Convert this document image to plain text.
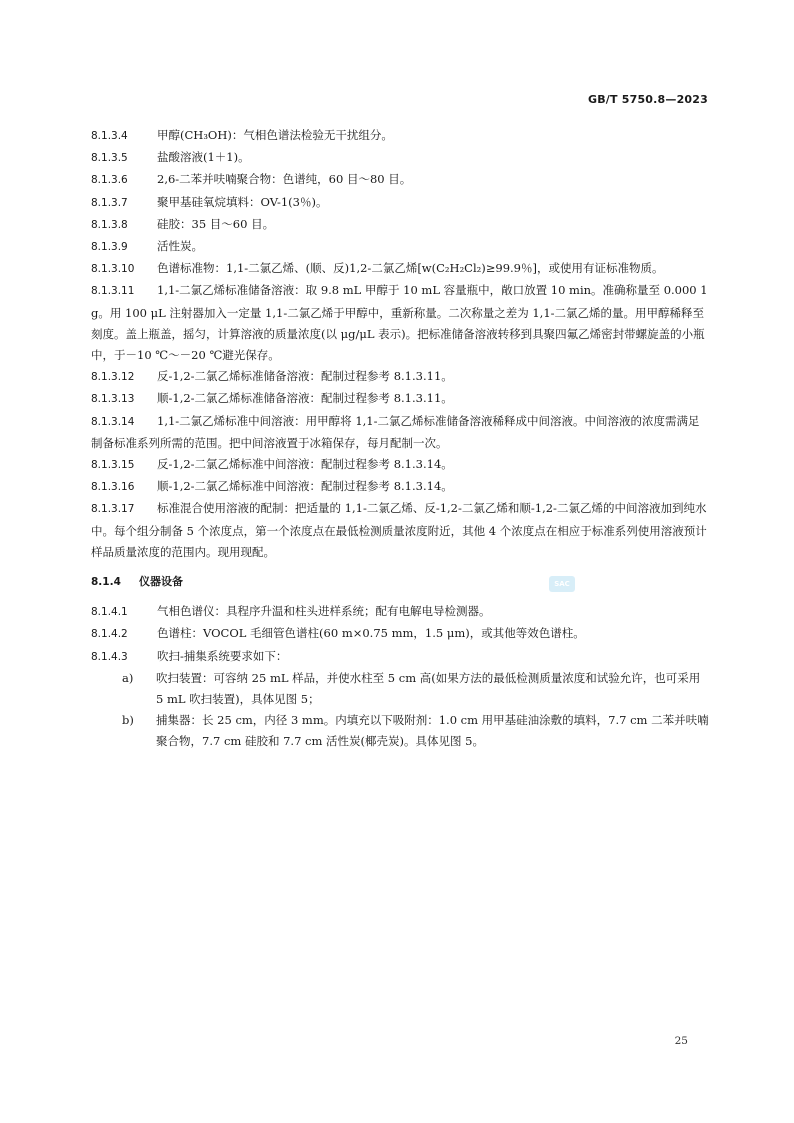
GB/T 5750.8—2023
8.1.3.4	甲醇(CH₃OH)：气相色谱法检验无干扰组分。
8.1.3.5	盐酸溶液(1＋1)。
8.1.3.6	2,6-二苯并呋喃聚合物：色谱纯，60 目～80 目。
8.1.3.7	聚甲基硅氧烷填料：OV-1(3％)。
8.1.3.8	硅胶：35 目～60 目。
8.1.3.9	活性炭。
8.1.3.10 色谱标准物：1,1-二氯乙烯、(顺、反)1,2-二氯乙烯[w(C₂H₂Cl₂)≥99.9％]，或使用有证标准物质。
8.1.3.11 1,1-二氯乙烯标准储备溶液：取 9.8 mL 甲醇于 10 mL 容量瓶中，敞口放置 10 min。准确称量至 0.000 1 g。用 100 μL 注射器加入一定量 1,1-二氯乙烯于甲醇中，重新称量。二次称量之差为 1,1-二氯乙烯的量。用甲醇稀释至刻度。盖上瓶盖，摇匀，计算溶液的质量浓度(以 μg/μL 表示)。把标准储备溶液转移到具聚四氟乙烯密封带螺旋盖的小瓶中，于－10 ℃～－20 ℃避光保存。
8.1.3.12 反-1,2-二氯乙烯标准储备溶液：配制过程参考 8.1.3.11。
8.1.3.13 顺-1,2-二氯乙烯标准储备溶液：配制过程参考 8.1.3.11。
8.1.3.14 1,1-二氯乙烯标准中间溶液：用甲醇将 1,1-二氯乙烯标准储备溶液稀释成中间溶液。中间溶液的浓度需满足制备标准系列所需的范围。把中间溶液置于冰箱保存，每月配制一次。
8.1.3.15 反-1,2-二氯乙烯标准中间溶液：配制过程参考 8.1.3.14。
8.1.3.16 顺-1,2-二氯乙烯标准中间溶液：配制过程参考 8.1.3.14。
8.1.3.17 标准混合使用溶液的配制：把适量的 1,1-二氯乙烯、反-1,2-二氯乙烯和顺-1,2-二氯乙烯的中间溶液加到纯水中。每个组分制备 5 个浓度点，第一个浓度点在最低检测质量浓度附近，其他 4 个浓度点在相应于标准系列使用溶液预计样品质量浓度的范围内。现用现配。
8.1.4 仪器设备
8.1.4.1	气相色谱仪：具程序升温和柱头进样系统；配有电解电导检测器。
8.1.4.2	色谱柱：VOCOL 毛细管色谱柱(60 m×0.75 mm，1.5 μm)，或其他等效色谱柱。
8.1.4.3	吹扫-捕集系统要求如下：
a) 吹扫装置：可容纳 25 mL 样品，并使水柱至 5 cm 高(如果方法的最低检测质量浓度和试验允许，也可采用 5 mL 吹扫装置)，具体见图 5；
b) 捕集器：长 25 cm，内径 3 mm。内填充以下吸附剂：1.0 cm 用甲基硅油涂敷的填料，7.7 cm 二苯并呋喃聚合物，7.7 cm 硅胶和 7.7 cm 活性炭(椰壳炭)。具体见图 5。
SAC
25
